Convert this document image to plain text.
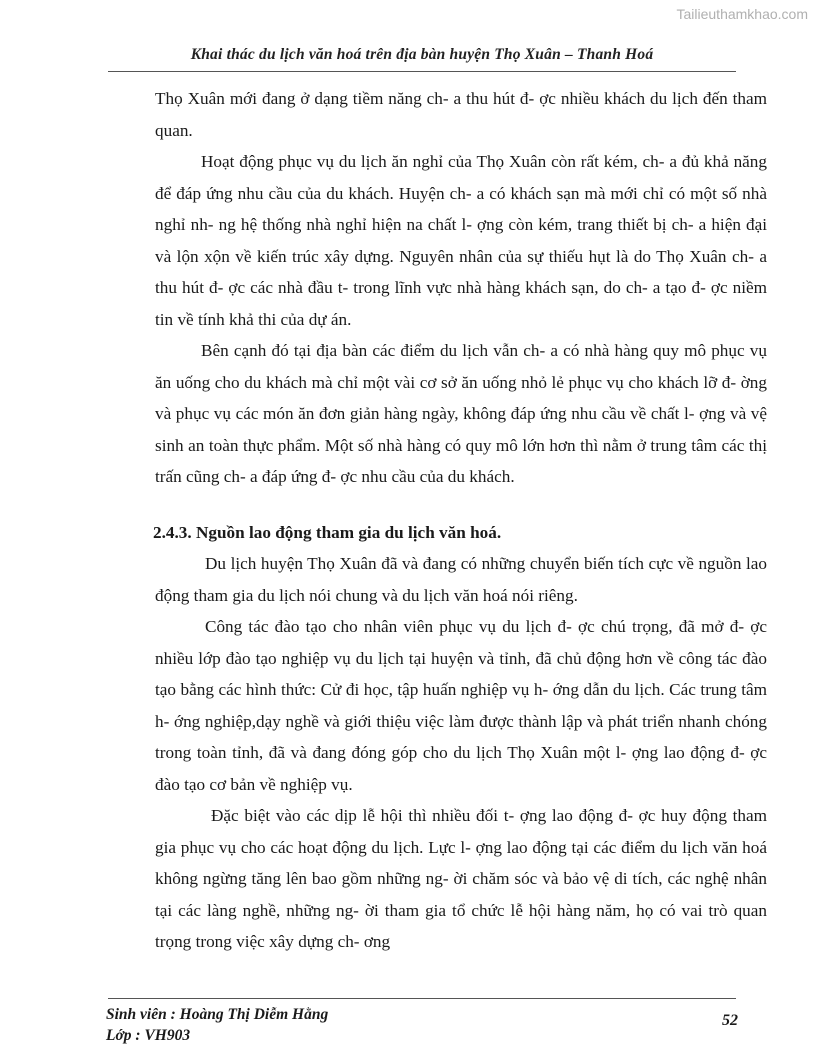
Tailieuthamkhao.com
Khai thác du lịch văn hoá trên địa bàn huyện Thọ Xuân – Thanh Hoá

Thọ Xuân mới đang ở dạng tiềm năng ch- a thu hút đ- ợc nhiều khách du lịch đến tham quan.

Hoạt động phục vụ du lịch ăn nghỉ của Thọ Xuân còn rất kém, ch- a đủ khả năng để đáp ứng nhu cầu của du khách. Huyện ch- a có khách sạn mà mới chỉ có một số nhà nghỉ nh- ng hệ thống nhà nghỉ hiện na chất l- ợng còn kém, trang thiết bị ch- a hiện đại và lộn xộn về kiến trúc xây dựng. Nguyên nhân của sự thiếu hụt là do Thọ Xuân ch- a thu hút đ- ợc các nhà đầu t- trong lĩnh vực nhà hàng khách sạn, do ch- a tạo đ- ợc niềm tin về tính khả thi của dự án.

Bên cạnh đó tại địa bàn các điểm du lịch vẫn ch- a có nhà hàng quy mô phục vụ ăn uống cho du khách mà chỉ một vài cơ sở ăn uống nhỏ lẻ phục vụ cho khách lỡ đ- ờng và phục vụ các món ăn đơn giản hàng ngày, không đáp ứng nhu cầu về chất l- ợng và vệ sinh an toàn thực phẩm. Một số nhà hàng có quy mô lớn hơn thì nằm ở trung tâm các thị trấn cũng ch- a đáp ứng đ- ợc nhu cầu của du khách.

2.4.3. Nguồn lao động tham gia du lịch văn hoá.

Du lịch huyện Thọ Xuân đã và đang có những chuyển biến tích cực về nguồn lao động tham gia du lịch nói chung và du lịch văn hoá nói riêng.

Công tác đào tạo cho nhân viên phục vụ du lịch đ- ợc chú trọng, đã mở đ- ợc nhiều lớp đào tạo nghiệp vụ du lịch tại huyện và tỉnh, đã chủ động hơn về công tác đào tạo bằng các hình thức: Cử đi học, tập huấn nghiệp vụ h- ớng dẫn du lịch. Các trung tâm h- ớng nghiệp,dạy nghề và giới thiệu việc làm được thành lập và phát triển nhanh chóng trong toàn tỉnh, đã và đang đóng góp cho du lịch Thọ Xuân một l- ợng lao động đ- ợc đào tạo cơ bản về nghiệp vụ.

Đặc biệt vào các dịp lễ hội thì nhiều đối t- ợng lao động đ- ợc huy động tham gia phục vụ cho các hoạt động du lịch. Lực l- ợng lao động tại các điểm du lịch văn hoá không ngừng tăng lên bao gồm những ng- ời chăm sóc và bảo vệ di tích, các nghệ nhân tại các làng nghề, những ng- ời tham gia tổ chức lễ hội hàng năm, họ có vai trò quan trọng trong việc xây dựng ch- ơng

Sinh viên : Hoàng Thị Diễm Hằng
Lớp : VH903
52
